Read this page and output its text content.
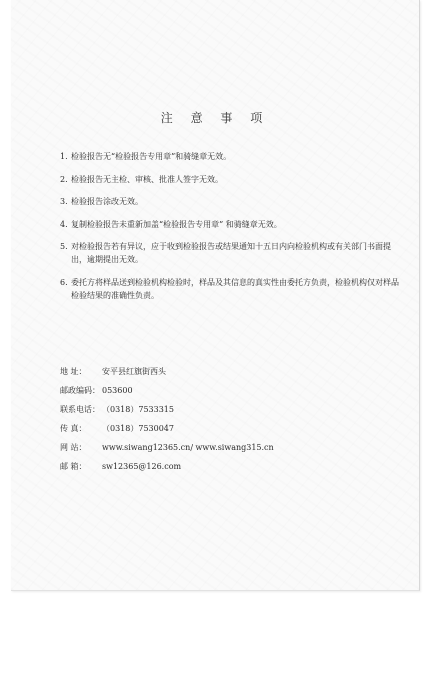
注 意 事 项
1. 检验报告无“检验报告专用章”和骑缝章无效。
2. 检验报告无主检、审核、批准人签字无效。
3. 检验报告涂改无效。
4. 复制检验报告未重新加盖“检验报告专用章” 和骑缝章无效。
5. 对检验报告若有异议，应于收到检验报告或结果通知十五日内向检验机构或有关部门书面提出，逾期提出无效。
6. 委托方将样品送到检验机构检验时，样品及其信息的真实性由委托方负责，检验机构仅对样品检验结果的准确性负责。
地 址：	安平县红旗街西头
邮政编码： 053600
联系电话： （0318）7533315
传 真：	（0318）7530047
网 站：	www.siwang12365.cn/ www.siwang315.cn
邮 箱：	sw12365@126.com
